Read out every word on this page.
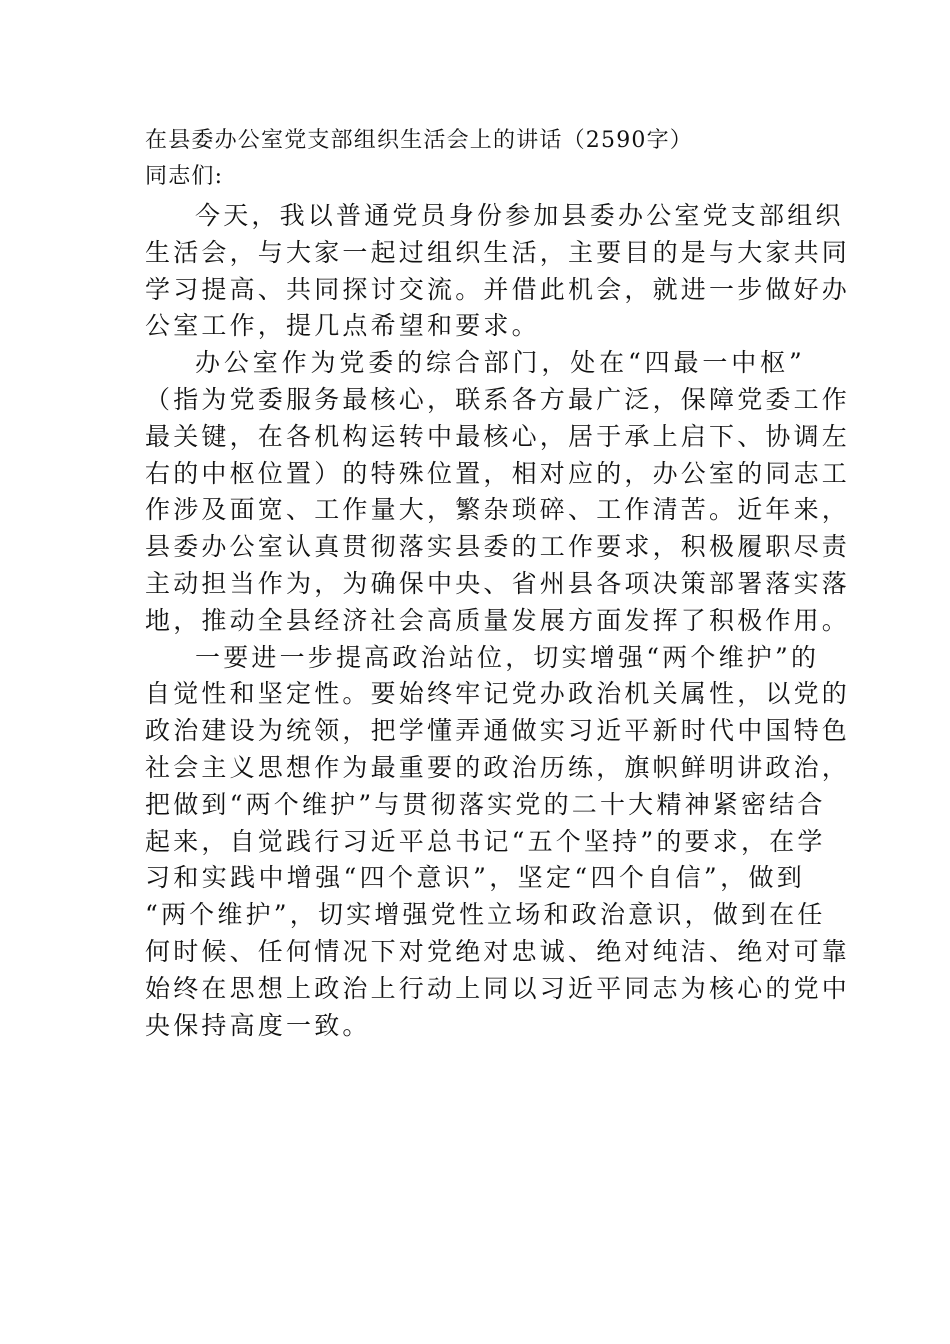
在县委办公室党支部组织生活会上的讲话（2590字）

同志们:

今天，我以普通党员身份参加县委办公室党支部组织
生活会，与大家一起过组织生活，主要目的是与大家共同
学习提高、共同探讨交流。并借此机会，就进一步做好办
公室工作，提几点希望和要求。
办公室作为党委的综合部门，处在“四最一中枢”
（指为党委服务最核心，联系各方最广泛，保障党委工作
最关键，在各机构运转中最核心，居于承上启下、协调左
右的中枢位置）的特殊位置，相对应的，办公室的同志工
作涉及面宽、工作量大，繁杂琐碎、工作清苦。近年来，
县委办公室认真贯彻落实县委的工作要求，积极履职尽责
主动担当作为，为确保中央、省州县各项决策部署落实落
地，推动全县经济社会高质量发展方面发挥了积极作用。
一要进一步提高政治站位，切实增强“两个维护”的
自觉性和坚定性。要始终牢记党办政治机关属性，以党的
政治建设为统领，把学懂弄通做实习近平新时代中国特色
社会主义思想作为最重要的政治历练，旗帜鲜明讲政治，
把做到“两个维护”与贯彻落实党的二十大精神紧密结合
起来，自觉践行习近平总书记“五个坚持”的要求，在学
习和实践中增强“四个意识”，坚定“四个自信”，做到
“两个维护”，切实增强党性立场和政治意识，做到在任
何时候、任何情况下对党绝对忠诚、绝对纯洁、绝对可靠
始终在思想上政治上行动上同以习近平同志为核心的党中
央保持高度一致。
